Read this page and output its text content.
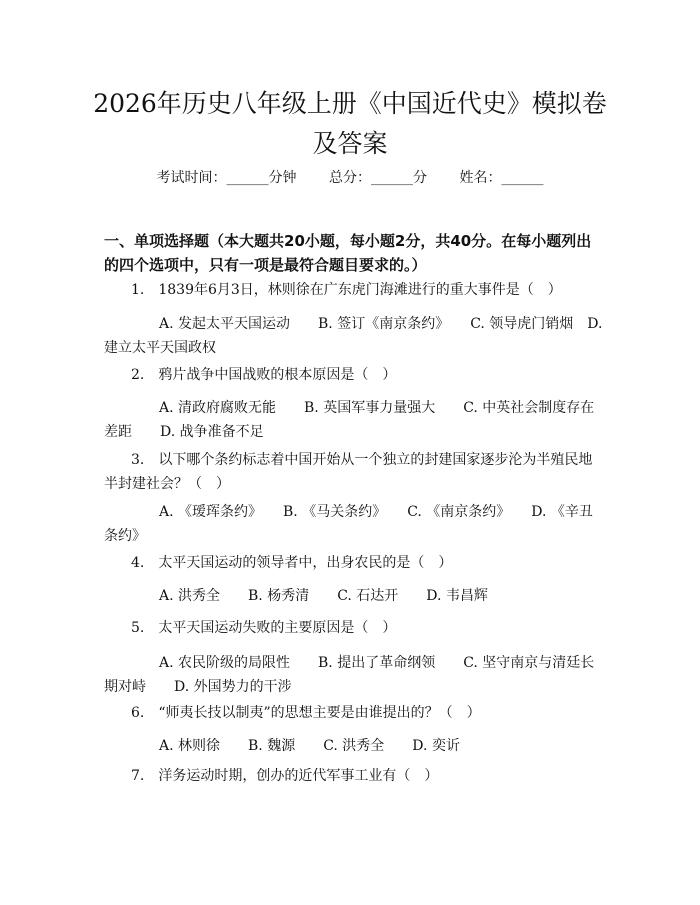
2026年历史八年级上册《中国近代史》模拟卷及答案
考试时间：______分钟 总分：______分 姓名：______
一、单项选择题（本大题共20小题，每小题2分，共40分。在每小题列出的四个选项中，只有一项是最符合题目要求的。）
1.　1839年6月3日，林则徐在广东虎门海滩进行的重大事件是（　）
A. 发起太平天国运动　　B. 签订《南京条约》　　C. 领导虎门销烟　D. 建立太平天国政权
2.　鸦片战争中国战败的根本原因是（　）
A. 清政府腐败无能　　B. 英国军事力量强大　　C. 中英社会制度存在差距　　D. 战争准备不足
3.　以下哪个条约标志着中国开始从一个独立的封建国家逐步沦为半殖民地半封建社会？（　）
A. 《瑷珲条约》　　B. 《马关条约》　　C. 《南京条约》　　D. 《辛丑条约》
4.　太平天国运动的领导者中，出身农民的是（　）
A. 洪秀全　　B. 杨秀清　　C. 石达开　　D. 韦昌辉
5.　太平天国运动失败的主要原因是（　）
A. 农民阶级的局限性　　B. 提出了革命纲领　　C. 坚守南京与清廷长期对峙　　D. 外国势力的干涉
6.　“师夷长技以制夷”的思想主要是由谁提出的？（　）
A. 林则徐　　B. 魏源　　C. 洪秀全　　D. 奕䜣
7.　洋务运动时期，创办的近代军事工业有（　）
